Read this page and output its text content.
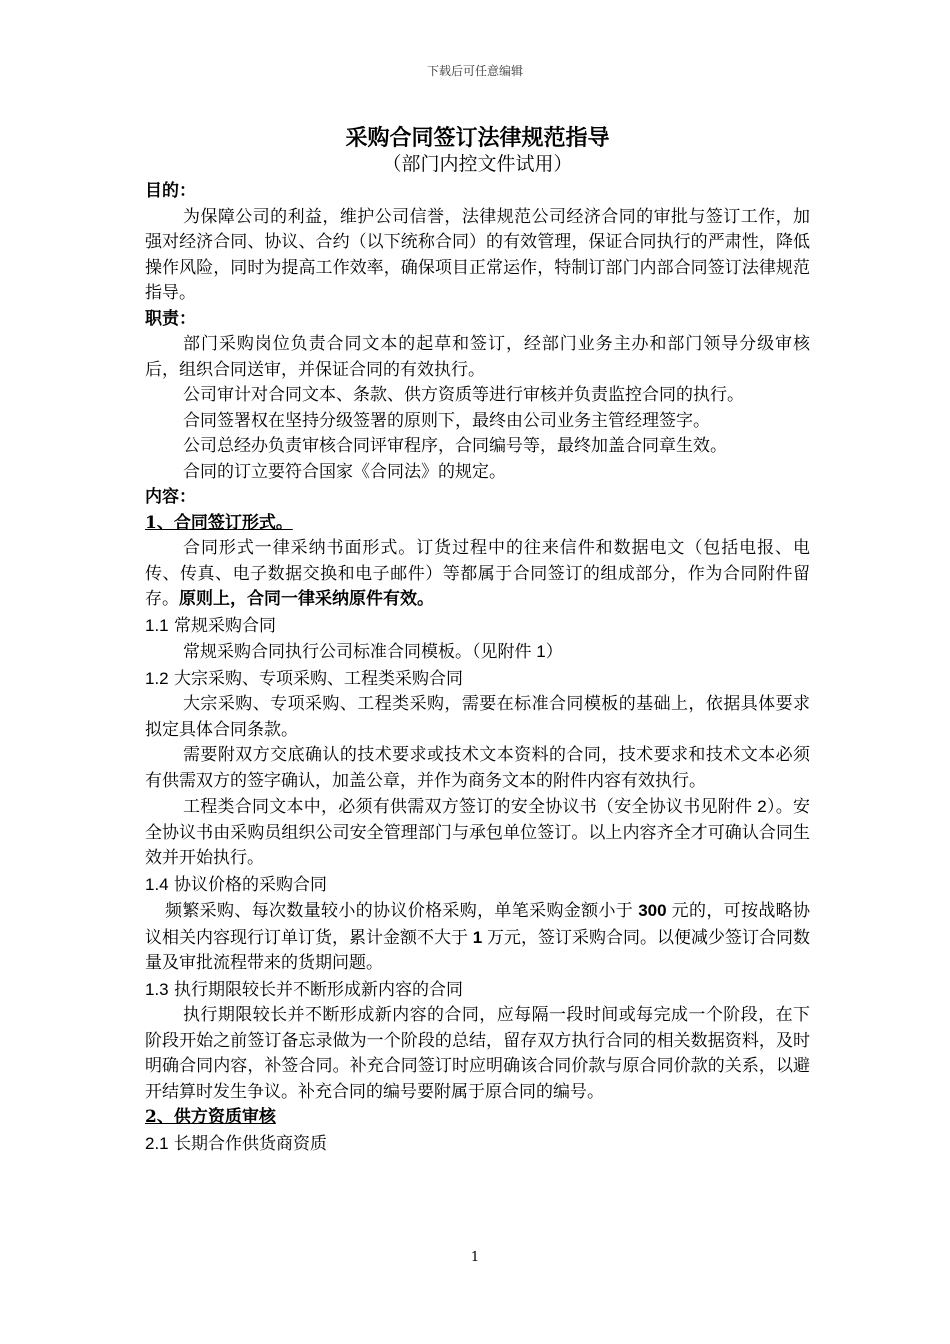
下载后可任意编辑

采购合同签订法律规范指导

（部门内控文件试用）

目的：

为保障公司的利益，维护公司信誉，法律规范公司经济合同的审批与签订工作，加强对经济合同、协议、合约（以下统称合同）的有效管理，保证合同执行的严肃性，降低操作风险，同时为提高工作效率，确保项目正常运作，特制订部门内部合同签订法律规范指导。

职责：

部门采购岗位负责合同文本的起草和签订，经部门业务主办和部门领导分级审核后，组织合同送审，并保证合同的有效执行。

公司审计对合同文本、条款、供方资质等进行审核并负责监控合同的执行。

合同签署权在坚持分级签署的原则下，最终由公司业务主管经理签字。

公司总经办负责审核合同评审程序，合同编号等，最终加盖合同章生效。

合同的订立要符合国家《合同法》的规定。

内容：

1、合同签订形式。

合同形式一律采纳书面形式。订货过程中的往来信件和数据电文（包括电报、电传、传真、电子数据交换和电子邮件）等都属于合同签订的组成部分，作为合同附件留存。原则上，合同一律采纳原件有效。

1.1 常规采购合同

常规采购合同执行公司标准合同模板。（见附件 1）

1.2 大宗采购、专项采购、工程类采购合同

大宗采购、专项采购、工程类采购，需要在标准合同模板的基础上，依据具体要求拟定具体合同条款。

需要附双方交底确认的技术要求或技术文本资料的合同，技术要求和技术文本必须有供需双方的签字确认，加盖公章，并作为商务文本的附件内容有效执行。

工程类合同文本中，必须有供需双方签订的安全协议书（安全协议书见附件 2）。安全协议书由采购员组织公司安全管理部门与承包单位签订。以上内容齐全才可确认合同生效并开始执行。

1.4 协议价格的采购合同

频繁采购、每次数量较小的协议价格采购，单笔采购金额小于 300 元的，可按战略协议相关内容现行订单订货，累计金额不大于 1 万元，签订采购合同。以便减少签订合同数量及审批流程带来的货期问题。

1.3 执行期限较长并不断形成新内容的合同

执行期限较长并不断形成新内容的合同，应每隔一段时间或每完成一个阶段，在下阶段开始之前签订备忘录做为一个阶段的总结，留存双方执行合同的相关数据资料，及时明确合同内容，补签合同。补充合同签订时应明确该合同价款与原合同价款的关系，以避开结算时发生争议。补充合同的编号要附属于原合同的编号。

2、供方资质审核

2.1 长期合作供货商资质

1
